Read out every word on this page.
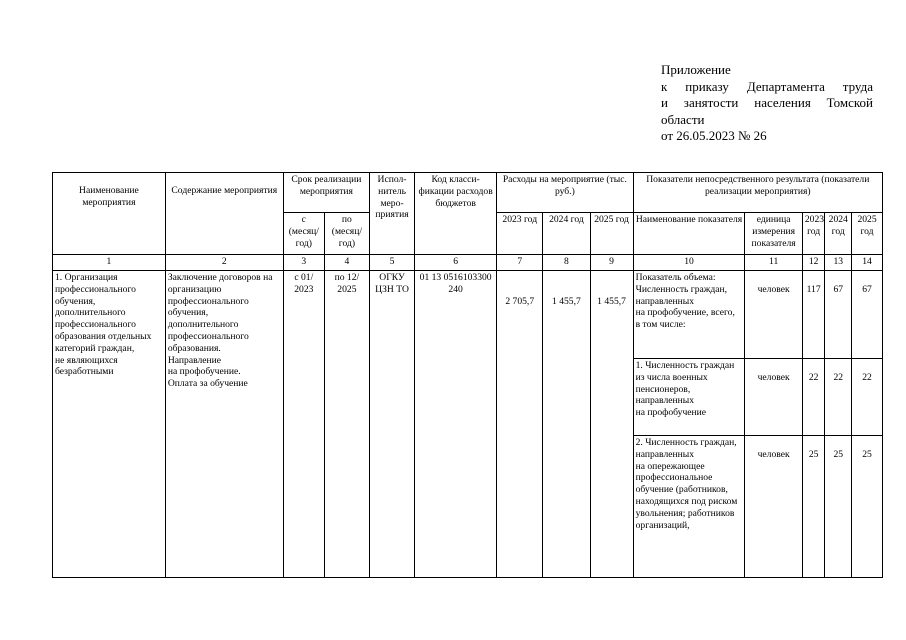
Приложение
к приказу Департамента труда
и занятости населения Томской
области
от 26.05.2023 № 26
Наименование мероприятия	Содержание мероприятия	Срок реализации мероприятия		Испол-нитель меро-приятия	Код класси-фикации расходов бюджетов	Расходы на мероприятие (тыс. руб.)			Показатели непосредственного результата (показатели реализации мероприятия)				
		с (месяц/ год)	по (месяц/ год)			2023 год	2024 год	2025 год	Наименование показателя	единица измерения показателя	2023 год	2024 год	2025 год
1	2	3	4	5	6	7	8	9	10	11	12	13	14
1. Организация профессионального обучения, дополнительного профессионального образования отдельных категорий граждан,
не являющихся безработными	Заключение договоров на организацию профессионального обучения, дополнительного профессионального образования.
Направление
на профобучение.
Оплата за обучение	с 01/ 2023	по 12/ 2025	ОГКУ ЦЗН ТО	01 13 0516103300 240	2 705,7	1 455,7	1 455,7	Показатель объема:
Численность граждан, направленных
на профобучение, всего,
в том числе:	человек	117	67	67
									1. Численность граждан из числа военных пенсионеров, направленных
на профобучение	человек	22	22	22
									2. Численность граждан, направленных
на опережающее профессиональное обучение (работников, находящихся под риском увольнения; работников организаций,	человек	25	25	25
